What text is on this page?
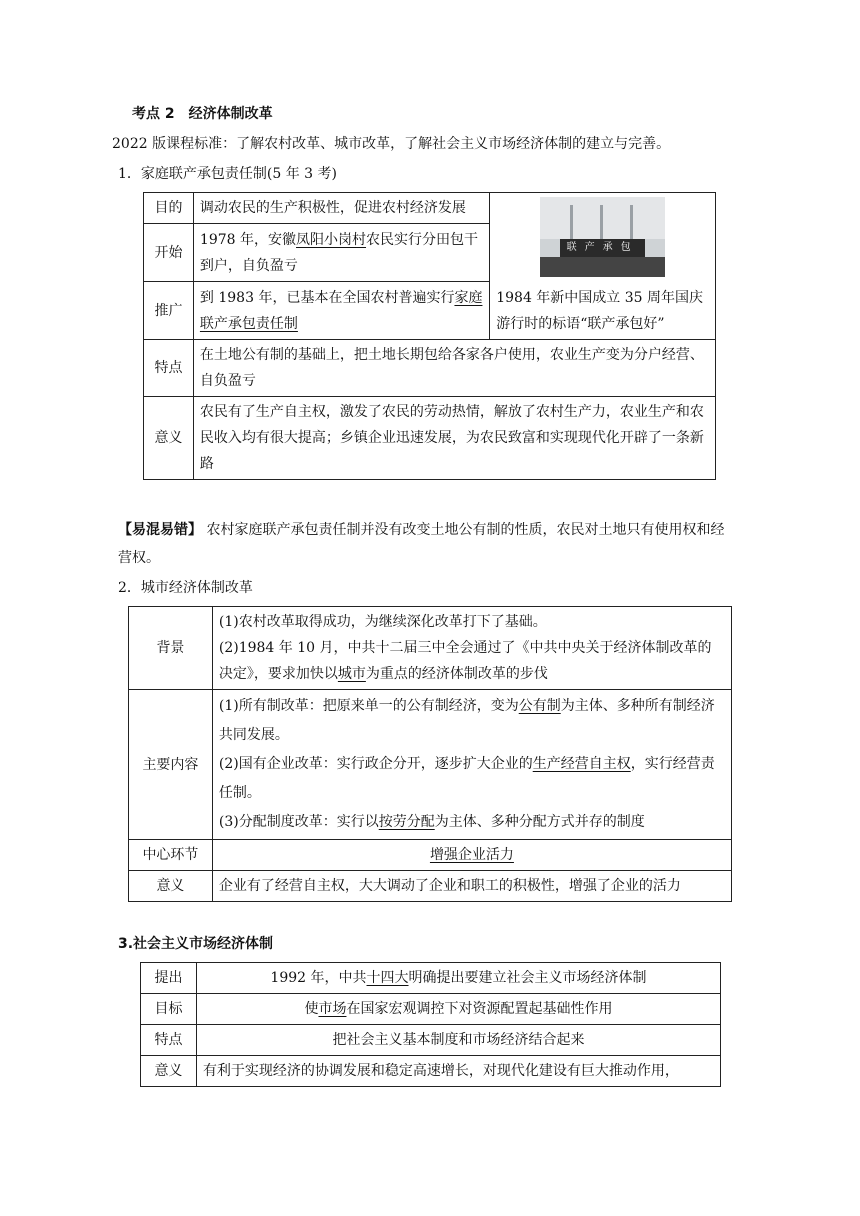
考点 2　经济体制改革
2022 版课程标准：了解农村改革、城市改革，了解社会主义市场经济体制的建立与完善。
1．家庭联产承包责任制(5 年 3 考)
目的	调动农民的生产积极性，促进农村经济发展	联产承包
1984 年新中国成立 35 周年国庆游行时的标语“联产承包好”

开始	1978 年，安徽凤阳小岗村农民实行分田包干到户，自负盈亏	
推广	到 1983 年，已基本在全国农村普遍实行家庭联产承包责任制	
特点	在土地公有制的基础上，把土地长期包给各家各户使用，农业生产变为分户经营、自负盈亏	
意义	农民有了生产自主权，激发了农民的劳动热情，解放了农村生产力，农业生产和农民收入均有很大提高；乡镇企业迅速发展，为农民致富和实现现代化开辟了一条新路	
【易混易错】 农村家庭联产承包责任制并没有改变土地公有制的性质，农民对土地只有使用权和经营权。
2．城市经济体制改革
背景	(1)农村改革取得成功，为继续深化改革打下了基础。
(2)1984 年 10 月，中共十二届三中全会通过了《中共中央关于经济体制改革的决定》，要求加快以城市为重点的经济体制改革的步伐

主要内容	(1)所有制改革：把原来单一的公有制经济，变为公有制为主体、多种所有制经济共同发展。
(2)国有企业改革：实行政企分开，逐步扩大企业的生产经营自主权，实行经营责任制。
(3)分配制度改革：实行以按劳分配为主体、多种分配方式并存的制度

中心环节	增强企业活力
意义	企业有了经营自主权，大大调动了企业和职工的积极性，增强了企业的活力
3.社会主义市场经济体制
提出	1992 年，中共十四大明确提出要建立社会主义市场经济体制
目标	使市场在国家宏观调控下对资源配置起基础性作用
特点	把社会主义基本制度和市场经济结合起来
意义	有利于实现经济的协调发展和稳定高速增长，对现代化建设有巨大推动作用，
